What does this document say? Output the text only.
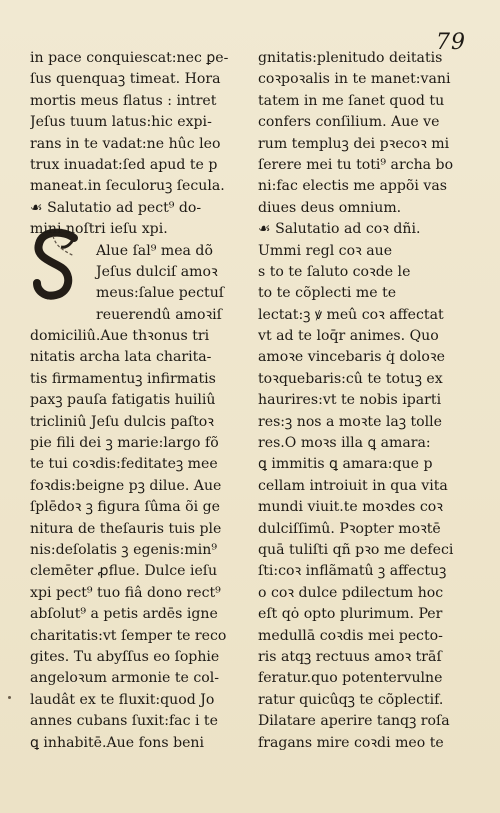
79
in pace conquiescat:nec ꝑe-
ſus quenquaꝫ timeat. Hora
mortis meus flatus : intret
Jeſus tuum latus:hic expi-
rans in te vadat:ne hûc leo
trux inuadat:ſed apud te p
maneat.in ſeculoruꝫ ſecula.
☙ Salutatio ad pect⁹ do-
mini noſtri ieſu xpi.
Alue ſal⁹ mea dõ
Jeſus dulciſ amoꝛ
meus:ſalue pectuſ
reuerendû amoꝛiſ
domiciliû.Aue thꝛonus tri
nitatis archa lata charita-
tis firmamentuꝫ infirmatis
paxꝫ pauſa fatigatis huiliû
tricliniû Jeſu dulcis paſtoꝛ
pie fili dei ꝫ marie:largo fõ
te tui coꝛdis:feditateꝫ mee
foꝛdis:beigne pꝫ dilue. Aue
ſplēdoꝛ ꝫ figura ſûma õi ge
nitura de theſauris tuis ple
nis:deſolatis ꝫ egenis:min⁹
clemēter ꝓflue. Dulce ieſu
xpi pect⁹ tuo fiâ dono rect⁹
abſolut⁹ a petis ardēs igne
charitatis:vt ſemper te reco
gites. Tu abyſſus eo ſophie
angeloꝛum armonie te col-
laudât ex te fluxit:quod Jo
annes cubans ſuxit:fac i te
ꝗ inhabitē.Aue fons beni
gnitatis:plenitudo deitatis
coꝛpoꝛalis in te manet:vani
tatem in me ſanet quod tu
confers conſilium. Aue ve
rum templuꝫ dei pꝛecoꝛ mi
ſerere mei tu toti⁹ archa bo
ni:fac electis me appõi vas
diues deus omnium.
☙ Salutatio ad coꝛ dñi.
Ummi regl coꝛ aue
s to te ſaluto coꝛde le
to te cõplecti me te
lectat:ꝫ ꝟ meû coꝛ affectat
vt ad te loq̄r animes. Quo
amoꝛe vincebaris q̇ doloꝛe
toꝛquebaris:cû te totuꝫ ex
haurires:vt te nobis iparti
res:ꝫ nos a moꝛte laꝫ tolle
res.O moꝛs illa ꝗ amara:
ꝗ immitis ꝗ amara:que p
cellam introiuit in qua vita
mundi viuit.te moꝛdes coꝛ
dulciſſimû. Pꝛopter moꝛtē
quā tuliſti qñ pꝛo me defeci
ſti:coꝛ inflãmatû ꝫ affectuꝫ
o coꝛ dulce pdilectum hoc
eſt qȯ opto plurimum. Per
medullā coꝛdis mei pecto-
ris atqꝫ rectuus amoꝛ trāſ
feratur.quo potentervulne
ratur quicûqꝫ te cõplectif.
Dilatare aperire tanqꝫ roſa
fragans mire coꝛdi meo te
